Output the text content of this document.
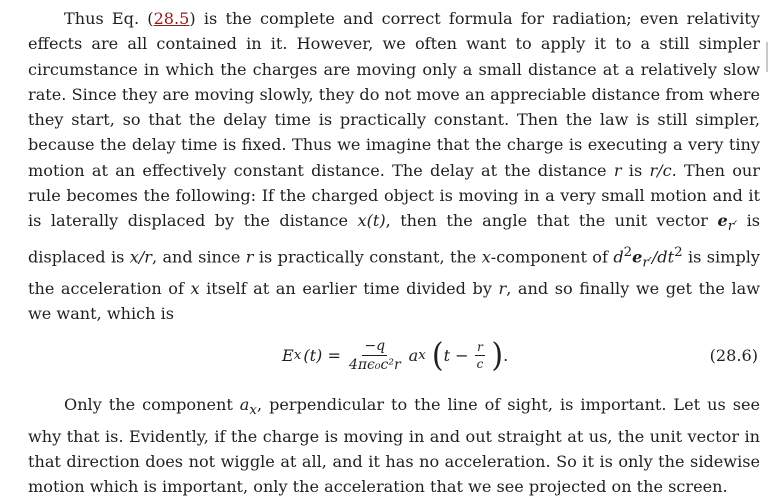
Thus Eq. (28.5) is the complete and correct formula for radiation; even relativity effects are all contained in it. However, we often want to apply it to a still simpler circumstance in which the charges are moving only a small distance at a relatively slow rate. Since they are moving slowly, they do not move an appreciable distance from where they start, so that the delay time is practically constant. Then the law is still simpler, because the delay time is fixed. Thus we imagine that the charge is executing a very tiny motion at an effectively constant distance. The delay at the distance r is r/c. Then our rule becomes the following: If the charged object is moving in a very small motion and it is laterally displaced by the distance x(t), then the angle that the unit vector $e_{r'}$ is displaced is x/r, and since r is practically constant, the x-component of $d^2e_{r'}/dt^2$ is simply the acceleration of x itself at an earlier time divided by r, and so finally we get the law we want, which is

E x $(t) = \frac{-q}{\text{4πϵ₀c²r}}$ a x ( $t - \frac{r}{c}$ ) .	(28.6)

Only the component $a_x$, perpendicular to the line of sight, is important. Let us see why that is. Evidently, if the charge is moving in and out straight at us, the unit vector in that direction does not wiggle at all, and it has no acceleration. So it is only the sidewise motion which is important, only the acceleration that we see projected on the screen.
